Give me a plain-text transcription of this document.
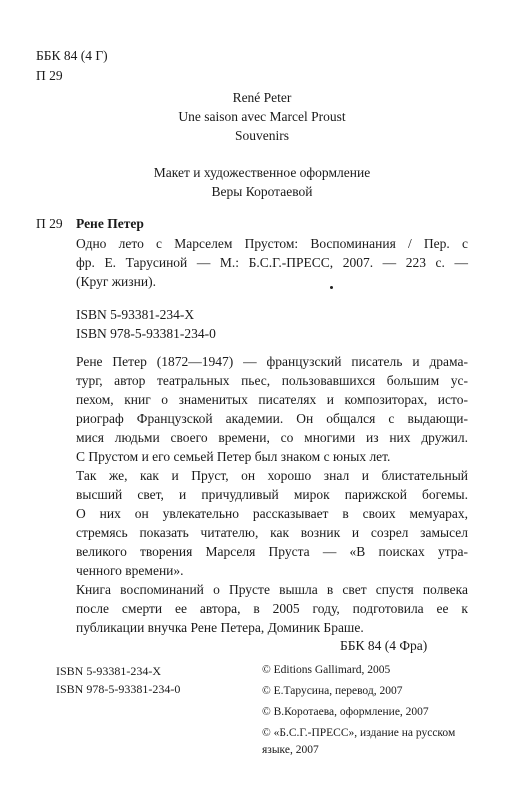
ББК 84 (4 Г)
П 29
René Peter
Une saison avec Marcel Proust
Souvenirs
Макет и художественное оформление
Веры Коротаевой
П 29 Рене Петер
Одно лето с Марселем Прустом: Воспоминания / Пер. с
фр. Е. Тарусиной — М.: Б.С.Г.-ПРЕСС, 2007. — 223 с. —
(Круг жизни).
ISBN 5-93381-234-X
ISBN 978-5-93381-234-0
Рене Петер (1872—1947) — французский писатель и драма-
тург, автор театральных пьес, пользовавшихся большим ус-
пехом, книг о знаменитых писателях и композиторах, исто-
риограф Французской академии. Он общался с выдающи-
мися людьми своего времени, со многими из них дружил.
С Прустом и его семьей Петер был знаком с юных лет.
Так же, как и Пруст, он хорошо знал и блистательный
высший свет, и причудливый мирок парижской богемы.
О них он увлекательно рассказывает в своих мемуарах,
стремясь показать читателю, как возник и созрел замысел
великого творения Марселя Пруста — «В поисках утра-
ченного времени».
Книга воспоминаний о Прусте вышла в свет спустя полвека
после смерти ее автора, в 2005 году, подготовила ее к
публикации внучка Рене Петера, Доминик Браше.
ББК 84 (4 Фра)
ISBN 5-93381-234-X
ISBN 978-5-93381-234-0
© Editions Gallimard, 2005
© Е.Тарусина, перевод, 2007
© В.Коротаева, оформление, 2007
© «Б.С.Г.-ПРЕСС», издание на русском
языке, 2007
